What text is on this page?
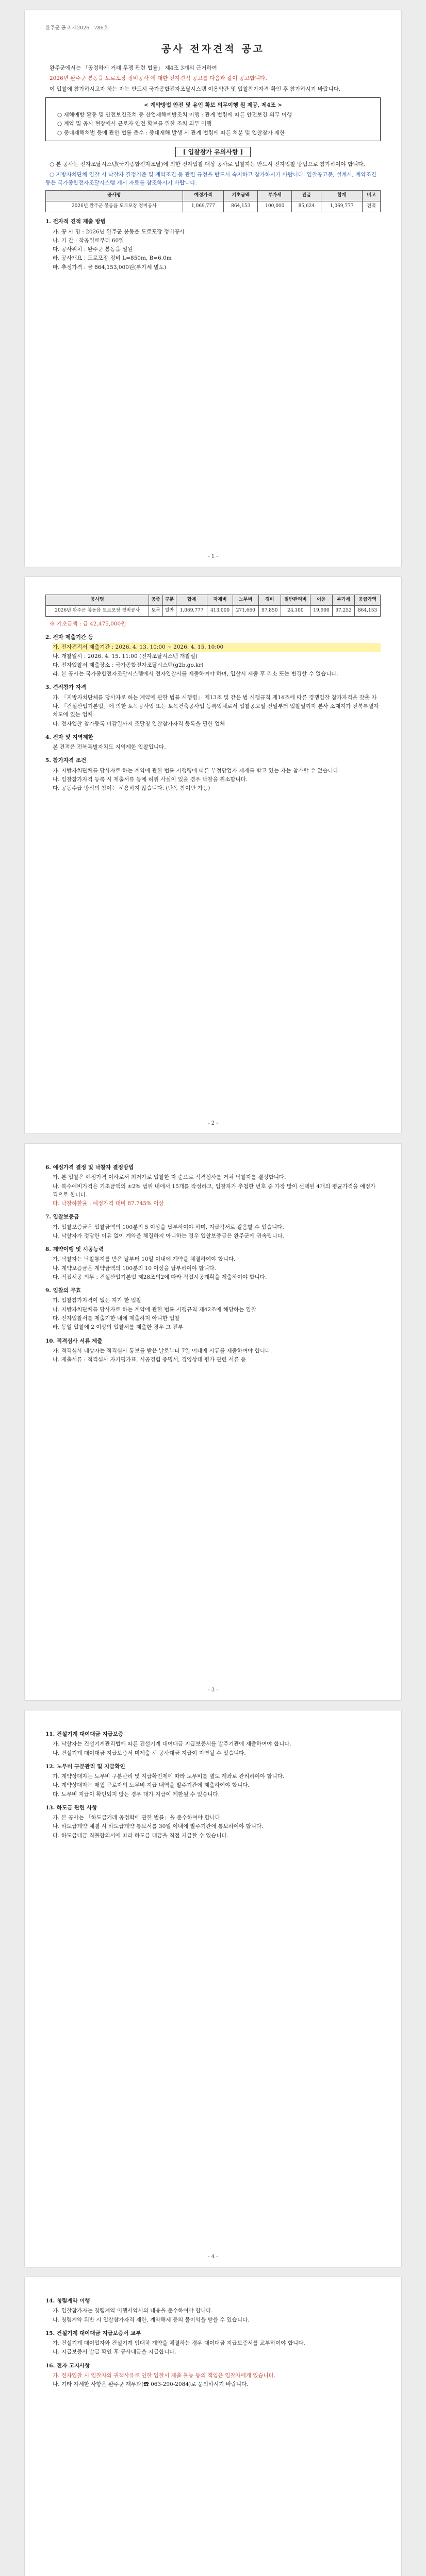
완주군 공고 제2026 - 786호
공사 전자견적 공고
완주군에서는 「공정하게 거래 투쟁 관련 법률」 제4조 3개의 근거하여
2026년 완주군 봉동읍 도로포장 정비공사 에 대한 전자견적 공고를 다음과 같이 공고합니다.
이 입찰에 참가하시고자 하는 자는 반드시 국가종합전자조달시스템 이용약관 및 입찰참가자격 확인 후 참가하시기 바랍니다.
< 계약방법 안전 및 유인 확보 의무이행 원 제공, 제4조 >
○ 재해예방 활동 및 안전보건조치 등 산업재해예방조치 이행 : 관계 법령에 따른 안전보건 의무 이행
○ 계약 및 공사 현장에서 근로자 안전 확보를 위한 조치 의무 이행
○ 중대재해처벌 등에 관한 법률 준수 : 중대재해 발생 시 관계 법령에 따른 처분 및 입찰참가 제한
[ 입찰참가 유의사항 ]
○ 본 공사는 전자조달시스템(국가종합전자조달)에 의한 전자입찰 대상 공사로 입찰자는 반드시 전자입찰 방법으로 참가하여야 합니다.
○ 지방자치단체 입찰 시 낙찰자 결정기준 및 계약조건 등 관련 규정을 반드시 숙지하고 참가하시기 바랍니다. 입찰공고문, 설계서, 계약조건 등은 국가종합전자조달시스템 게시 자료를 참조하시기 바랍니다.
공사명	예정가격	기초금액	부가세	관급	합계	비고
2026년 완주군 봉동읍 도로포장 정비공사	1,069,777	864,153	100,000	85,624	1,069,777	견적
1. 전자적 견적 제출 방법
가. 공 사 명 : 2026년 완주군 봉동읍 도로포장 정비공사
나. 기 간 : 착공일로부터 60일
다. 공사위치 : 완주군 봉동읍 일원
라. 공사개요 : 도로포장 정비 L=850m, B=6.0m
마. 추정가격 : 금 864,153,000원(부가세 별도)
- 1 -
공사명	공종	구분	합계	자재비	노무비	경비	일반관리비	이윤	부가세	공급가액
2026년 완주군 봉동읍 도로포장 정비공사	토목	일반	1,069,777	413,000	271,660	97,850	24,100	19,900	97,252	864,153
※ 기초금액 : 금 42,475,000원
2. 전자 제출기간 등
가. 전자견적서 제출기간 : 2026. 4. 13. 10:00 ~ 2026. 4. 15. 10:00
나. 개찰일시 : 2026. 4. 15. 11:00 (전자조달시스템 개찰실)
다. 전자입찰서 제출장소 : 국가종합전자조달시스템(g2b.go.kr)
라. 본 공사는 국가종합전자조달시스템에서 전자입찰서를 제출하여야 하며, 입찰서 제출 후 취소 또는 변경할 수 없습니다.
3. 견적참가 자격
가. 「지방자치단체를 당사자로 하는 계약에 관한 법률 시행령」 제13조 및 같은 법 시행규칙 제14조에 따른 경쟁입찰 참가자격을 갖춘 자
나. 「건설산업기본법」에 의한 토목공사업 또는 토목건축공사업 등록업체로서 입찰공고일 전일부터 입찰일까지 본사 소재지가 전북특별자치도에 있는 업체
다. 전자입찰 참가등록 마감일까지 조달청 입찰참가자격 등록을 필한 업체
4. 전자 및 지역제한
본 견적은 전북특별자치도 지역제한 입찰입니다.
5. 참가자격 조건
가. 지방자치단체를 당사자로 하는 계약에 관한 법률 시행령에 따른 부정당업자 제재를 받고 있는 자는 참가할 수 없습니다.
나. 입찰참가자격 등록 시 제출서류 등에 허위 사실이 있을 경우 낙찰을 취소합니다.
다. 공동수급 방식의 참여는 허용하지 않습니다. (단독 참여만 가능)
- 2 -
6. 예정가격 결정 및 낙찰자 결정방법
가. 본 입찰은 예정가격 이하로서 최저가로 입찰한 자 순으로 적격심사를 거쳐 낙찰자를 결정합니다.
나. 복수예비가격은 기초금액의 ±2% 범위 내에서 15개를 작성하고, 입찰자가 추첨한 번호 중 가장 많이 선택된 4개의 평균가격을 예정가격으로 합니다.
다. 낙찰하한율 : 예정가격 대비 87.745% 이상
7. 입찰보증금
가. 입찰보증금은 입찰금액의 100분의 5 이상을 납부하여야 하며, 지급각서로 갈음할 수 있습니다.
나. 낙찰자가 정당한 이유 없이 계약을 체결하지 아니하는 경우 입찰보증금은 완주군에 귀속됩니다.
8. 계약이행 및 시공능력
가. 낙찰자는 낙찰통지를 받은 날부터 10일 이내에 계약을 체결하여야 합니다.
나. 계약보증금은 계약금액의 100분의 10 이상을 납부하여야 합니다.
다. 직접시공 의무 : 건설산업기본법 제28조의2에 따라 직접시공계획을 제출하여야 합니다.
9. 입찰의 무효
가. 입찰참가자격이 없는 자가 한 입찰
나. 지방자치단체를 당사자로 하는 계약에 관한 법률 시행규칙 제42조에 해당하는 입찰
다. 전자입찰서를 제출기한 내에 제출하지 아니한 입찰
라. 동일 입찰에 2 이상의 입찰서를 제출한 경우 그 전부
10. 적격심사 서류 제출
가. 적격심사 대상자는 적격심사 통보를 받은 날로부터 7일 이내에 서류를 제출하여야 합니다.
나. 제출서류 : 적격심사 자기평가표, 시공경험 증명서, 경영상태 평가 관련 서류 등
- 3 -
11. 건설기계 대여대금 지급보증
가. 낙찰자는 건설기계관리법에 따른 건설기계 대여대금 지급보증서를 발주기관에 제출하여야 합니다.
나. 건설기계 대여대금 지급보증서 미제출 시 공사대금 지급이 지연될 수 있습니다.
12. 노무비 구분관리 및 지급확인
가. 계약상대자는 노무비 구분관리 및 지급확인제에 따라 노무비를 별도 계좌로 관리하여야 합니다.
나. 계약상대자는 매월 근로자의 노무비 지급 내역을 발주기관에 제출하여야 합니다.
다. 노무비 지급이 확인되지 않는 경우 대가 지급이 제한될 수 있습니다.
13. 하도급 관련 사항
가. 본 공사는 「하도급거래 공정화에 관한 법률」을 준수하여야 합니다.
나. 하도급계약 체결 시 하도급계약 통보서를 30일 이내에 발주기관에 통보하여야 합니다.
다. 하도급대금 직불합의서에 따라 하도급 대금을 직접 지급할 수 있습니다.
- 4 -
14. 청렴계약 이행
가. 입찰참가자는 청렴계약 이행서약서의 내용을 준수하여야 합니다.
나. 청렴계약 위반 시 입찰참가자격 제한, 계약해제 등의 불이익을 받을 수 있습니다.
15. 건설기계 대여대금 지급보증서 교부
가. 건설기계 대여업자와 건설기계 임대차 계약을 체결하는 경우 대여대금 지급보증서를 교부하여야 합니다.
나. 지급보증서 발급 확인 후 공사대금을 지급합니다.
16. 전자 고지사항
가. 전자입찰 시 입찰자의 귀책사유로 인한 입찰서 제출 불능 등의 책임은 입찰자에게 있습니다.
나. 기타 자세한 사항은 완주군 재무과(☎ 063-290-2084)로 문의하시기 바랍니다.
